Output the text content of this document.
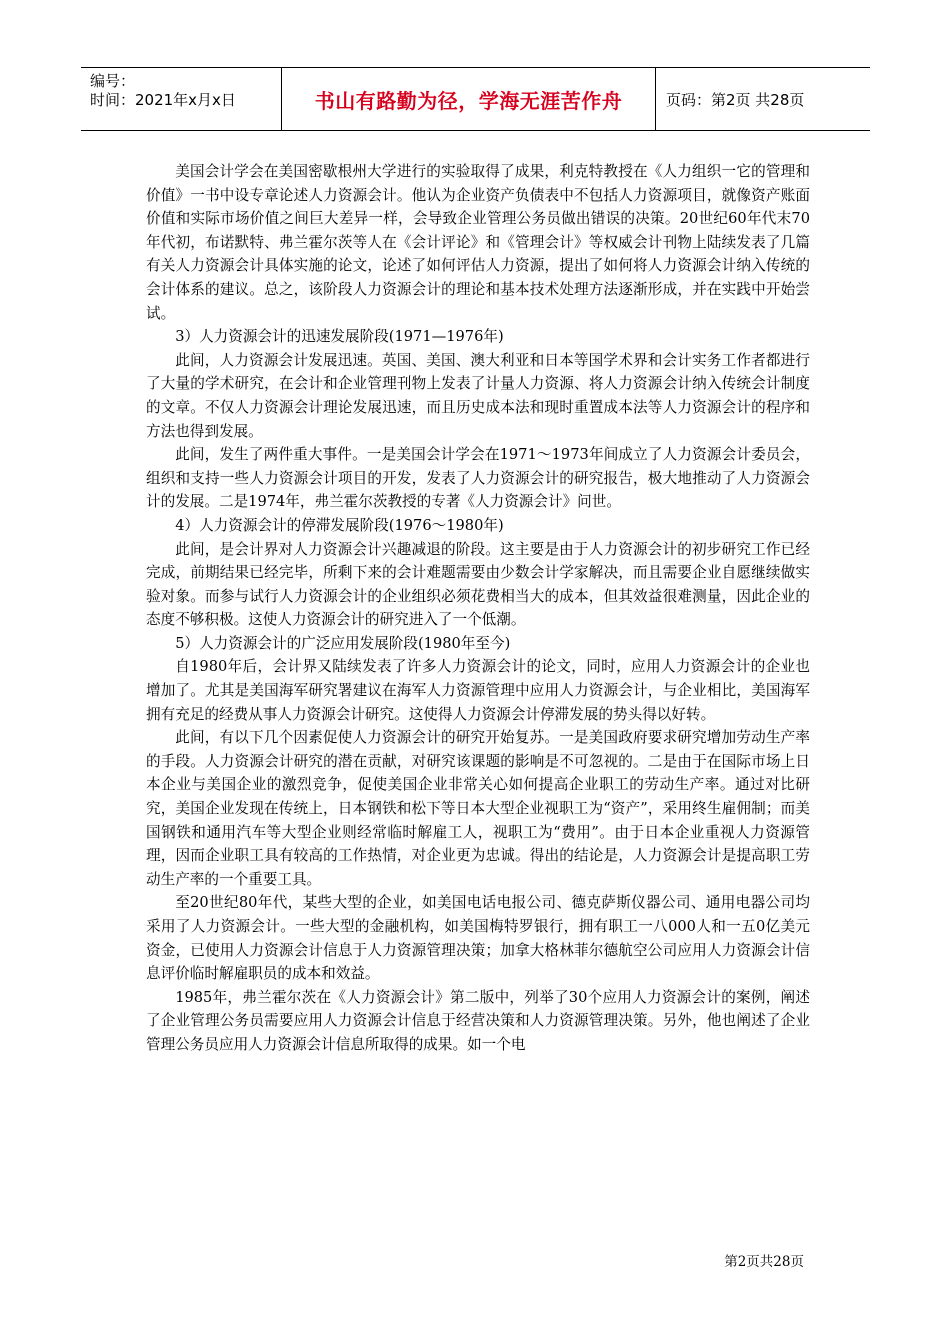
编号：
时间：2021年x月x日	书山有路勤为径，学海无涯苦作舟	页码：第2页 共28页

美国会计学会在美国密歇根州大学进行的实验取得了成果，利克特教授在《人力组织一它的管理和价值》一书中设专章论述人力资源会计。他认为企业资产负债表中不包括人力资源项目，就像资产账面价值和实际市场价值之间巨大差异一样，会导致企业管理公务员做出错误的决策。20世纪60年代末70年代初，布诺默特、弗兰霍尔茨等人在《会计评论》和《管理会计》等权威会计刊物上陆续发表了几篇有关人力资源会计具体实施的论文，论述了如何评估人力资源，提出了如何将人力资源会计纳入传统的会计体系的建议。总之，该阶段人力资源会计的理论和基本技术处理方法逐渐形成，并在实践中开始尝试。

3）人力资源会计的迅速发展阶段(1971—1976年)

此间，人力资源会计发展迅速。英国、美国、澳大利亚和日本等国学术界和会计实务工作者都进行了大量的学术研究，在会计和企业管理刊物上发表了计量人力资源、将人力资源会计纳入传统会计制度的文章。不仅人力资源会计理论发展迅速，而且历史成本法和现时重置成本法等人力资源会计的程序和方法也得到发展。

此间，发生了两件重大事件。一是美国会计学会在1971～1973年间成立了人力资源会计委员会，组织和支持一些人力资源会计项目的开发，发表了人力资源会计的研究报告，极大地推动了人力资源会计的发展。二是1974年，弗兰霍尔茨教授的专著《人力资源会计》问世。

4）人力资源会计的停滞发展阶段(1976～1980年)

此间，是会计界对人力资源会计兴趣减退的阶段。这主要是由于人力资源会计的初步研究工作已经完成，前期结果已经完毕，所剩下来的会计难题需要由少数会计学家解决，而且需要企业自愿继续做实验对象。而参与试行人力资源会计的企业组织必须花费相当大的成本，但其效益很难测量，因此企业的态度不够积极。这使人力资源会计的研究进入了一个低潮。

5）人力资源会计的广泛应用发展阶段(1980年至今)

自1980年后，会计界又陆续发表了许多人力资源会计的论文，同时，应用人力资源会计的企业也增加了。尤其是美国海军研究署建议在海军人力资源管理中应用人力资源会计，与企业相比，美国海军拥有充足的经费从事人力资源会计研究。这使得人力资源会计停滞发展的势头得以好转。

此间，有以下几个因素促使人力资源会计的研究开始复苏。一是美国政府要求研究增加劳动生产率的手段。人力资源会计研究的潜在贡献，对研究该课题的影响是不可忽视的。二是由于在国际市场上日本企业与美国企业的激烈竞争，促使美国企业非常关心如何提高企业职工的劳动生产率。通过对比研究，美国企业发现在传统上，日本钢铁和松下等日本大型企业视职工为“资产”，采用终生雇佣制；而美国钢铁和通用汽车等大型企业则经常临时解雇工人，视职工为“费用”。由于日本企业重视人力资源管理，因而企业职工具有较高的工作热情，对企业更为忠诚。得出的结论是，人力资源会计是提高职工劳动生产率的一个重要工具。

至20世纪80年代，某些大型的企业，如美国电话电报公司、德克萨斯仪器公司、通用电器公司均采用了人力资源会计。一些大型的金融机构，如美国梅特罗银行，拥有职工一八000人和一五0亿美元资金，已使用人力资源会计信息于人力资源管理决策；加拿大格林菲尔德航空公司应用人力资源会计信息评价临时解雇职员的成本和效益。

1985年，弗兰霍尔茨在《人力资源会计》第二版中，列举了30个应用人力资源会计的案例，阐述了企业管理公务员需要应用人力资源会计信息于经营决策和人力资源管理决策。另外，他也阐述了企业管理公务员应用人力资源会计信息所取得的成果。如一个电

第2页共28页
